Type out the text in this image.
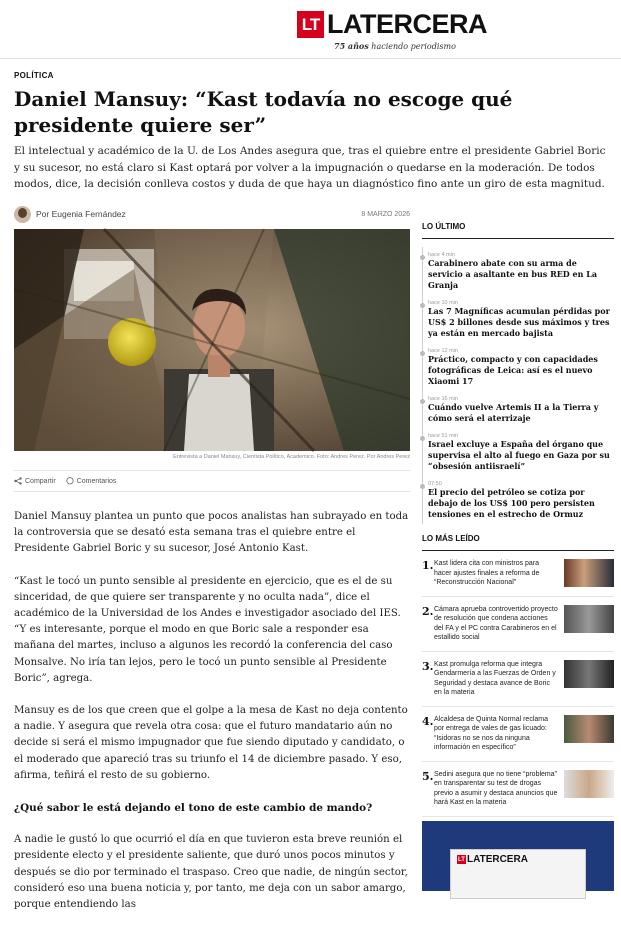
LT LATERCERA
75 años haciendo periodismo
POLÍTICA
Daniel Mansuy: “Kast todavía no escoge qué presidente quiere ser”

El intelectual y académico de la U. de Los Andes asegura que, tras el quiebre entre el presidente Gabriel Boric y su sucesor, no está claro si Kast optará por volver a la impugnación o quedarse en la moderación. De todos modos, dice, la decisión conlleva costos y duda de que haya un diagnóstico fino ante un giro de esta magnitud.

Por Eugenia Fernández	8 MARZO 2026
Entrevista a Daniel Mansuy, Cientista Político, Academico. Foto: Andres Perez. Por Andres Perez
Compartir	Comentarios

Daniel Mansuy plantea un punto que pocos analistas han subrayado en toda la controversia que se desató esta semana tras el quiebre entre el Presidente Gabriel Boric y su sucesor, José Antonio Kast.

“Kast le tocó un punto sensible al presidente en ejercicio, que es el de su sinceridad, de que quiere ser transparente y no oculta nada”, dice el académico de la Universidad de los Andes e investigador asociado del IES. “Y es interesante, porque el modo en que Boric sale a responder esa mañana del martes, incluso a algunos les recordó la conferencia del caso Monsalve. No iría tan lejos, pero le tocó un punto sensible al Presidente Boric”, agrega.

Mansuy es de los que creen que el golpe a la mesa de Kast no deja contento a nadie. Y asegura que revela otra cosa: que el futuro mandatario aún no decide si será el mismo impugnador que fue siendo diputado y candidato, o el moderado que apareció tras su triunfo el 14 de diciembre pasado. Y eso, afirma, teñirá el resto de su gobierno.

¿Qué sabor le está dejando el tono de este cambio de mando?

A nadie le gustó lo que ocurrió el día en que tuvieron esta breve reunión el presidente electo y el presidente saliente, que duró unos pocos minutos y después se dio por terminado el traspaso. Creo que nadie, de ningún sector, consideró eso una buena noticia y, por tanto, me deja con un sabor amargo, porque entendiendo las

LO ÚLTIMO
hace 4 min
Carabinero abate con su arma de servicio a asaltante en bus RED en La Granja
hace 10 min
Las 7 Magníficas acumulan pérdidas por US$ 2 billones desde sus máximos y tres ya están en mercado bajista
hace 12 min
Práctico, compacto y con capacidades fotográficas de Leica: así es el nuevo Xiaomi 17
hace 16 min
Cuándo vuelve Artemis II a la Tierra y cómo será el aterrizaje
hace 51 min
Israel excluye a España del órgano que supervisa el alto al fuego en Gaza por su “obsesión antiisraelí”
07:50
El precio del petróleo se cotiza por debajo de los US$ 100 pero persisten tensiones en el estrecho de Ormuz
LO MÁS LEÍDO
1. Kast lidera cita con ministros para hacer ajustes finales a reforma de “Reconstrucción Nacional”
2. Cámara aprueba controvertido proyecto de resolución que condena acciones del FA y el PC contra Carabineros en el estallido social
3. Kast promulga reforma que integra Gendarmería a las Fuerzas de Orden y Seguridad y destaca avance de Boric en la materia
4. Alcaldesa de Quinta Normal reclama por entrega de vales de gas licuado: “Isidoras no se nos da ninguna información en específico”
5. Sedini asegura que no tiene “problema” en transparentar su test de drogas previo a asumir y destaca anuncios que hará Kast en la materia
LT LATERCERA
